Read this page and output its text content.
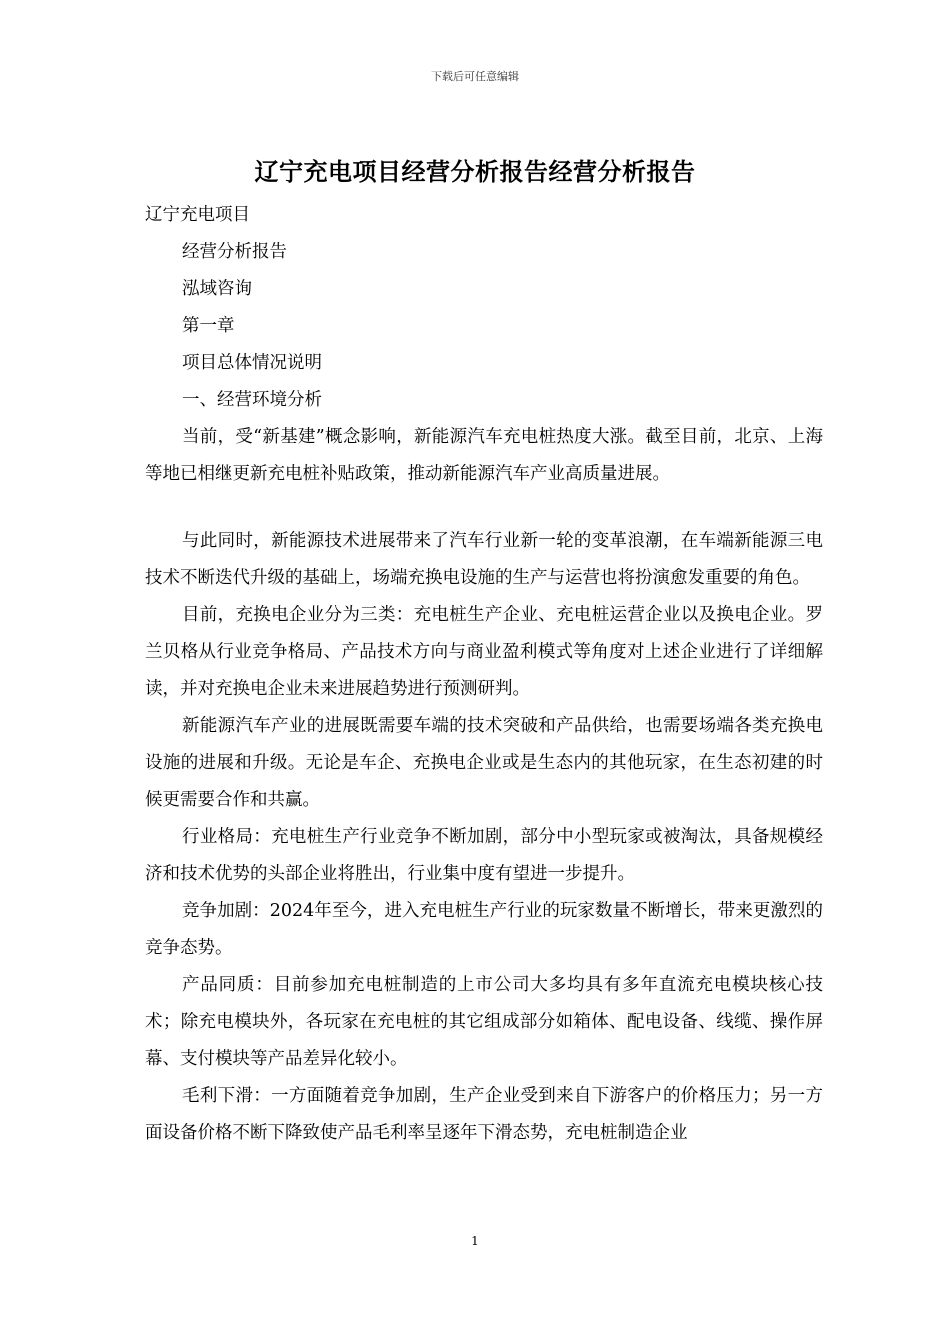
下载后可任意编辑
辽宁充电项目经营分析报告经营分析报告

辽宁充电项目

经营分析报告

泓域咨询

第一章

项目总体情况说明

一、经营环境分析

当前，受“新基建”概念影响，新能源汽车充电桩热度大涨。截至目前，北京、上海等地已相继更新充电桩补贴政策，推动新能源汽车产业高质量进展。

与此同时，新能源技术进展带来了汽车行业新一轮的变革浪潮，在车端新能源三电技术不断迭代升级的基础上，场端充换电设施的生产与运营也将扮演愈发重要的角色。

目前，充换电企业分为三类：充电桩生产企业、充电桩运营企业以及换电企业。罗兰贝格从行业竞争格局、产品技术方向与商业盈利模式等角度对上述企业进行了详细解读，并对充换电企业未来进展趋势进行预测研判。

新能源汽车产业的进展既需要车端的技术突破和产品供给，也需要场端各类充换电设施的进展和升级。无论是车企、充换电企业或是生态内的其他玩家，在生态初建的时候更需要合作和共赢。

行业格局：充电桩生产行业竞争不断加剧，部分中小型玩家或被淘汰，具备规模经济和技术优势的头部企业将胜出，行业集中度有望进一步提升。

竞争加剧：2024年至今，进入充电桩生产行业的玩家数量不断增长，带来更激烈的竞争态势。

产品同质：目前参加充电桩制造的上市公司大多均具有多年直流充电模块核心技术；除充电模块外，各玩家在充电桩的其它组成部分如箱体、配电设备、线缆、操作屏幕、支付模块等产品差异化较小。

毛利下滑：一方面随着竞争加剧，生产企业受到来自下游客户的价格压力；另一方面设备价格不断下降致使产品毛利率呈逐年下滑态势，充电桩制造企业

1
